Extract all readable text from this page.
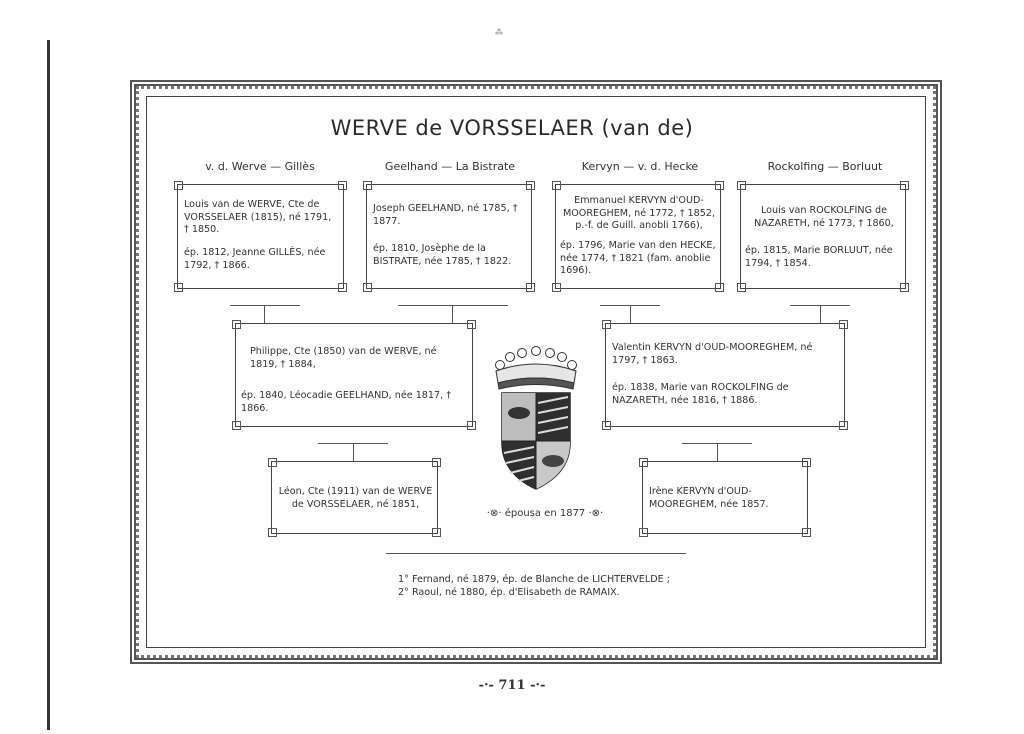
⁂
WERVE de VORSSELAER (van de)
v. d. Werve — Gillès	Geelhand — La Bistrate	Kervyn — v. d. Hecke	Rockolfing — Borluut
Louis van de WERVE, Cte de VORSSELAER (1815), né 1791, † 1850.
ép. 1812, Jeanne GILLÈS, née 1792, † 1866.
Joseph GEELHAND, né 1785, † 1877.
ép. 1810, Josèphe de la BISTRATE, née 1785, † 1822.
Emmanuel KERVYN d'OUD-MOOREGHEM, né 1772, † 1852, p.-f. de Guill. anobli 1766),
ép. 1796, Marie van den HECKE, née 1774, † 1821 (fam. anoblie 1696).
Louis van ROCKOLFING de NAZARETH, né 1773, † 1860,
ép. 1815, Marie BORLUUT, née 1794, † 1854.
Philippe, Cte (1850) van de WERVE, né 1819, † 1884,
ép. 1840, Léocadie GEELHAND, née 1817, † 1866.
Valentin KERVYN d'OUD-MOOREGHEM, né 1797, † 1863.
ép. 1838, Marie van ROCKOLFING de NAZARETH, née 1816, † 1886.
Léon, Cte (1911) van de WERVE de VORSSELAER, né 1851,
Irène KERVYN d'OUD-MOOREGHEM, née 1857.
·⊗· épousa en 1877 ·⊗·
1° Fernand, né 1879, ép. de Blanche de LICHTERVELDE ;
2° Raoul, né 1880, ép. d'Elisabeth de RAMAIX.
-·- 711 -·-
